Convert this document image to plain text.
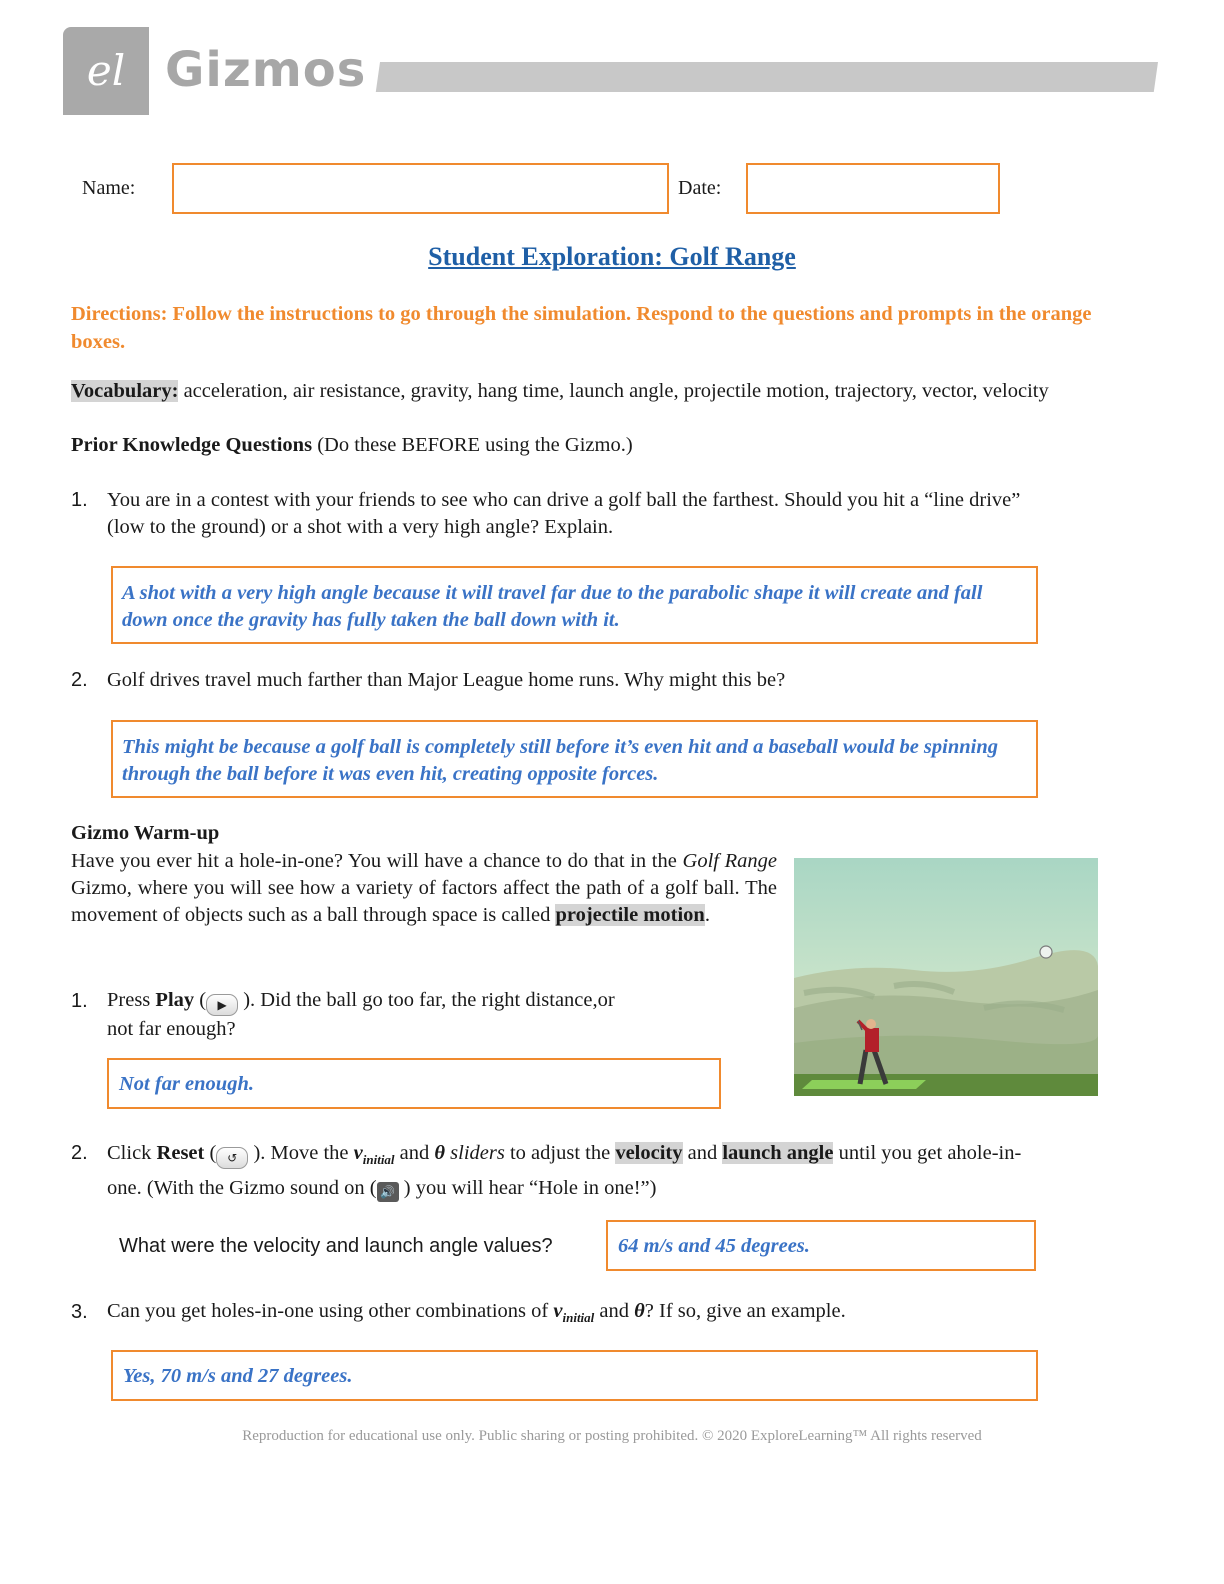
el Gizmos
Name:	Date:
Student Exploration: Golf Range
Directions: Follow the instructions to go through the simulation. Respond to the questions and prompts in the orange boxes.
Vocabulary: acceleration, air resistance, gravity, hang time, launch angle, projectile motion, trajectory, vector, velocity
Prior Knowledge Questions (Do these BEFORE using the Gizmo.)
1. You are in a contest with your friends to see who can drive a golf ball the farthest. Should you hit a “line drive”
(low to the ground) or a shot with a very high angle? Explain.
A shot with a very high angle because it will travel far due to the parabolic shape it will create and fall down once the gravity has fully taken the ball down with it.
2. Golf drives travel much farther than Major League home runs. Why might this be?
This might be because a golf ball is completely still before it’s even hit and a baseball would be spinning through the ball before it was even hit, creating opposite forces.
Gizmo Warm-up
Have you ever hit a hole-in-one? You will have a chance to do that in the Golf Range Gizmo, where you will see how a variety of factors affect the path of a golf ball. The movement of objects such as a ball through space is called projectile motion.
1. Press Play ( ▶ ). Did the ball go too far, the right distance,or
not far enough?
Not far enough.
2. Click Reset ( ↺ ). Move the $v_{initial}$ and θ sliders to adjust the velocity and launch angle until you get ahole-in-
one. (With the Gizmo sound on ( 🔊 ) you will hear “Hole in one!”)
What were the velocity and launch angle values?	64 m/s and 45 degrees.
3. Can you get holes-in-one using other combinations of $v_{initial}$ and θ? If so, give an example.
Yes, 70 m/s and 27 degrees.
Reproduction for educational use only. Public sharing or posting prohibited. © 2020 ExploreLearning™ All rights reserved
